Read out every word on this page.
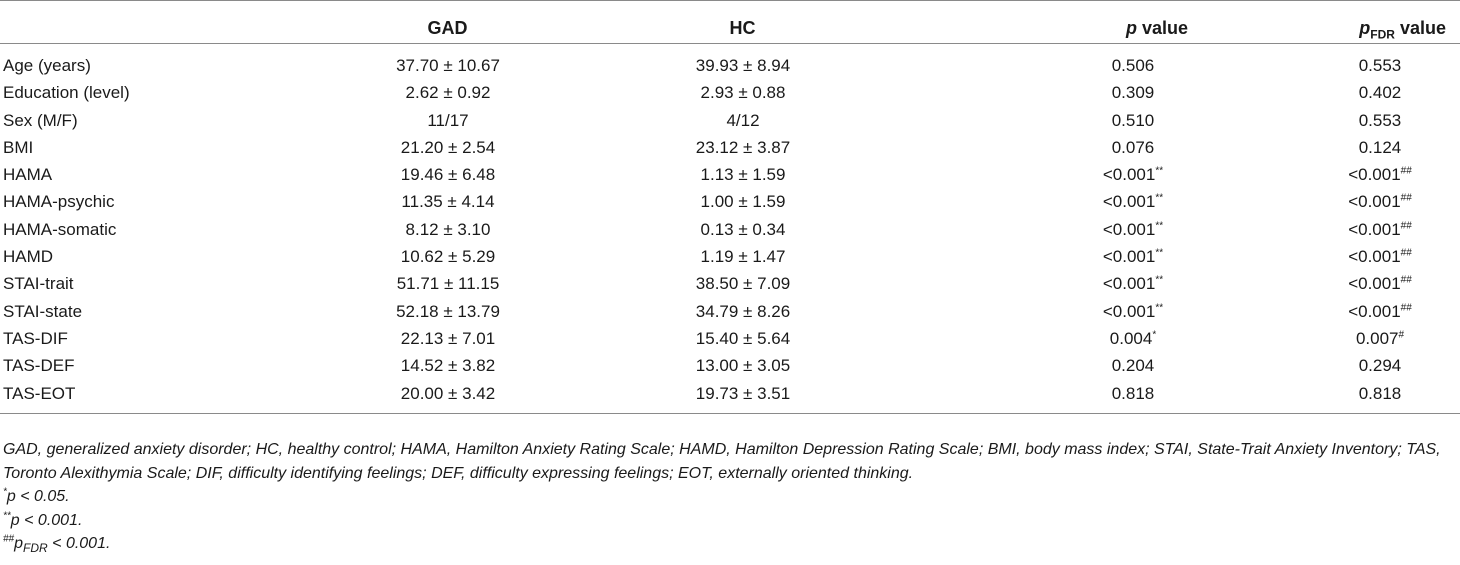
	GAD	HC	p value	$p_{FDR}$ value
Age (years)	37.70 ± 10.67	39.93 ± 8.94	0.506	0.553
Education (level)	2.62 ± 0.92	2.93 ± 0.88	0.309	0.402
Sex (M/F)	11/17	4/12	0.510	0.553
BMI	21.20 ± 2.54	23.12 ± 3.87	0.076	0.124
HAMA	19.46 ± 6.48	1.13 ± 1.59	<0.001**	<0.001##
HAMA-psychic	11.35 ± 4.14	1.00 ± 1.59	<0.001**	<0.001##
HAMA-somatic	8.12 ± 3.10	0.13 ± 0.34	<0.001**	<0.001##
HAMD	10.62 ± 5.29	1.19 ± 1.47	<0.001**	<0.001##
STAI-trait	51.71 ± 11.15	38.50 ± 7.09	<0.001**	<0.001##
STAI-state	52.18 ± 13.79	34.79 ± 8.26	<0.001**	<0.001##
TAS-DIF	22.13 ± 7.01	15.40 ± 5.64	0.004*	0.007#
TAS-DEF	14.52 ± 3.82	13.00 ± 3.05	0.204	0.294
TAS-EOT	20.00 ± 3.42	19.73 ± 3.51	0.818	0.818

GAD, generalized anxiety disorder; HC, healthy control; HAMA, Hamilton Anxiety Rating Scale; HAMD, Hamilton Depression Rating Scale; BMI, body mass index; STAI, State-Trait Anxiety Inventory; TAS, Toronto Alexithymia Scale; DIF, difficulty identifying feelings; DEF, difficulty expressing feelings; EOT, externally oriented thinking.

*p < 0.05.

**p < 0.001.

$^{\#\#}p_{FDR} < 0.001$.
